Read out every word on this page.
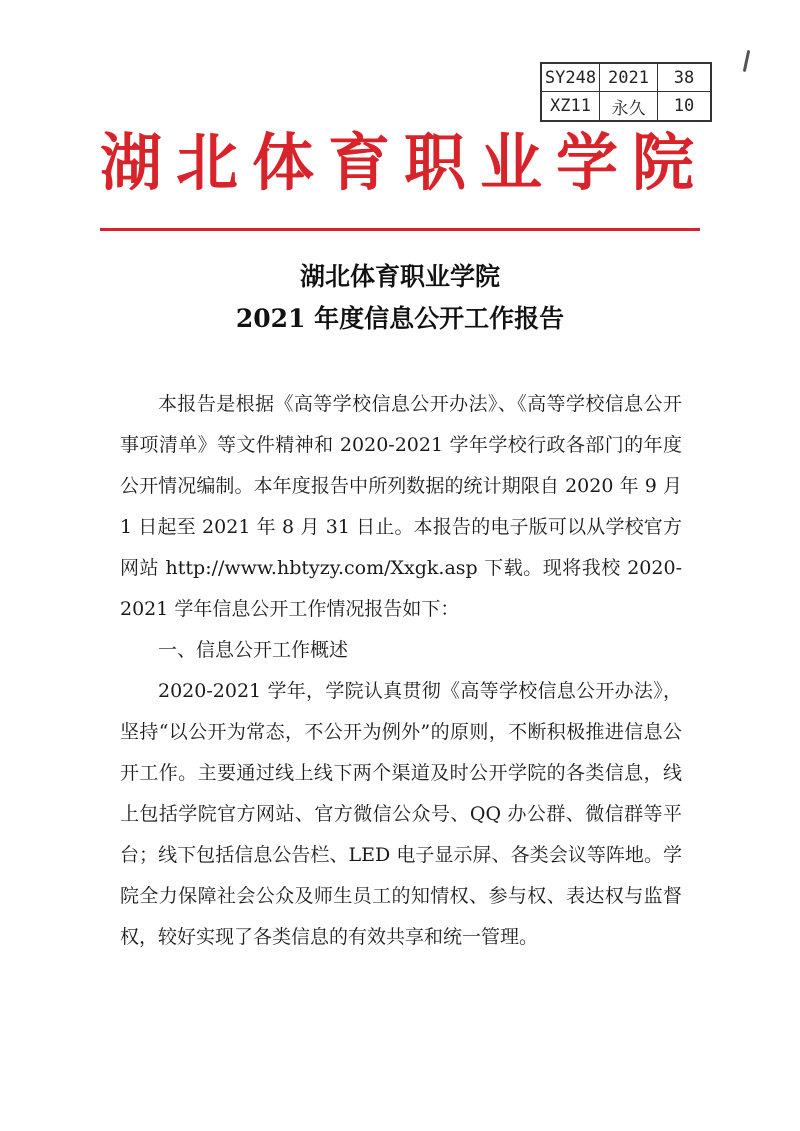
SY248 2021	38
XZ11	永久	10
湖北体育职业学院
湖北体育职业学院
2021 年度信息公开工作报告

本报告是根据《高等学校信息公开办法》、《高等学校信息公开事项清单》等文件精神和 2020-2021 学年学校行政各部门的年度公开情况编制。本年度报告中所列数据的统计期限自 2020 年 9 月 1 日起至 2021 年 8 月 31 日止。本报告的电子版可以从学校官方网站 http://www.hbtyzy.com/Xxgk.asp 下载。现将我校 2020-2021 学年信息公开工作情况报告如下：

一、信息公开工作概述

2020-2021 学年，学院认真贯彻《高等学校信息公开办法》，坚持“以公开为常态，不公开为例外”的原则，不断积极推进信息公开工作。主要通过线上线下两个渠道及时公开学院的各类信息，线上包括学院官方网站、官方微信公众号、QQ 办公群、微信群等平台；线下包括信息公告栏、LED 电子显示屏、各类会议等阵地。学院全力保障社会公众及师生员工的知情权、参与权、表达权与监督权，较好实现了各类信息的有效共享和统一管理。
